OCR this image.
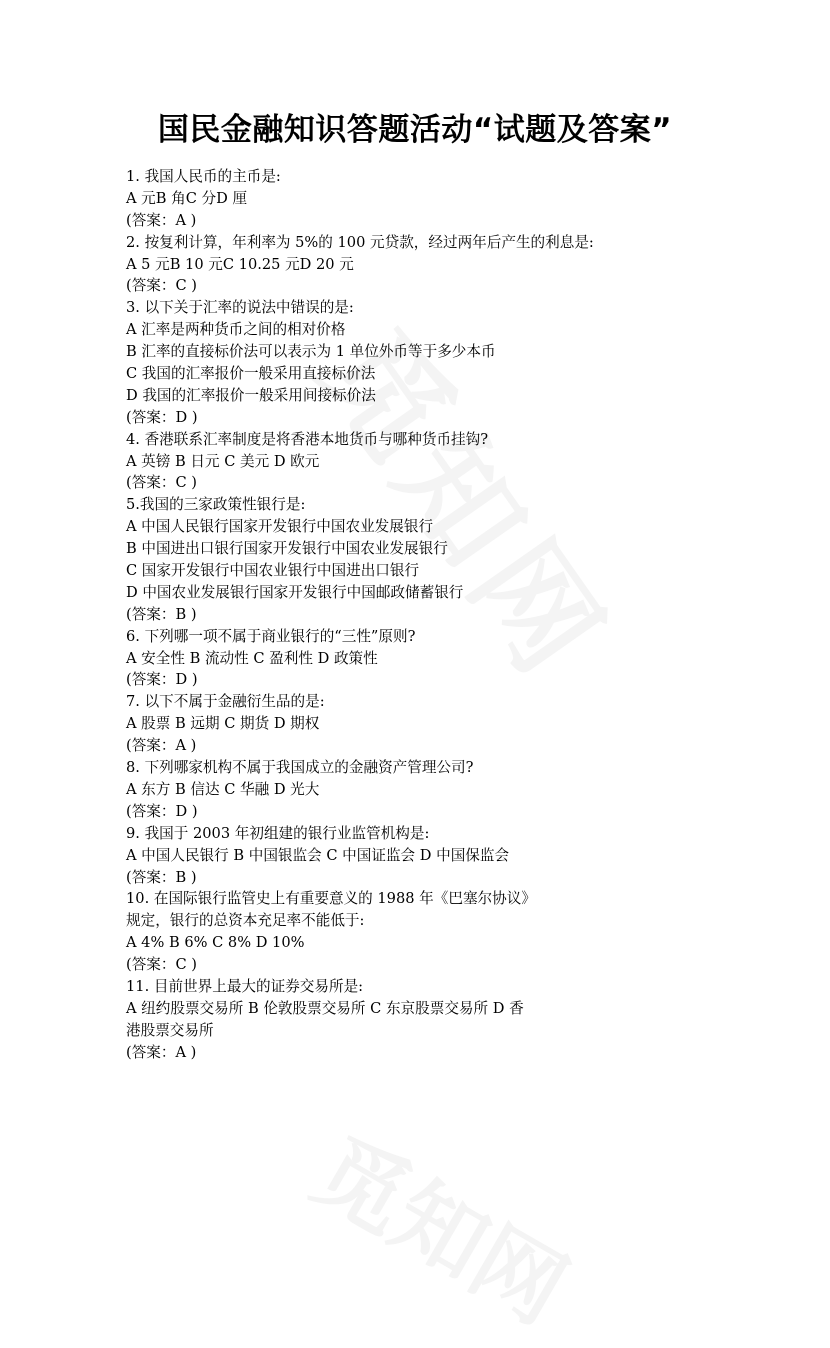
国民金融知识答题活动“试题及答案”
1. 我国人民币的主币是:
A 元B 角C 分D 厘
(答案：A )
2. 按复利计算，年利率为 5%的 100 元贷款，经过两年后产生的利息是:
A 5 元B 10 元C 10.25 元D 20 元
(答案：C )
3. 以下关于汇率的说法中错误的是:
A 汇率是两种货币之间的相对价格
B 汇率的直接标价法可以表示为 1 单位外币等于多少本币
C 我国的汇率报价一般采用直接标价法
D 我国的汇率报价一般采用间接标价法
(答案：D )
4. 香港联系汇率制度是将香港本地货币与哪种货币挂钩?
A 英镑 B 日元 C 美元 D 欧元
(答案：C )
5.我国的三家政策性银行是:
A 中国人民银行国家开发银行中国农业发展银行
B 中国进出口银行国家开发银行中国农业发展银行
C 国家开发银行中国农业银行中国进出口银行
D 中国农业发展银行国家开发银行中国邮政储蓄银行
(答案：B )
6. 下列哪一项不属于商业银行的“三性”原则?
A 安全性 B 流动性 C 盈利性 D 政策性
(答案：D )
7. 以下不属于金融衍生品的是:
A 股票 B 远期 C 期货 D 期权
(答案：A )
8. 下列哪家机构不属于我国成立的金融资产管理公司?
A 东方 B 信达 C 华融 D 光大
(答案：D )
9. 我国于 2003 年初组建的银行业监管机构是:
A 中国人民银行 B 中国银监会 C 中国证监会 D 中国保监会
(答案：B )
10. 在国际银行监管史上有重要意义的 1988 年《巴塞尔协议》
规定，银行的总资本充足率不能低于:
A 4% B 6% C 8% D 10%
(答案：C )
11. 目前世界上最大的证券交易所是:
A 纽约股票交易所 B 伦敦股票交易所 C 东京股票交易所 D 香
港股票交易所
(答案：A )
